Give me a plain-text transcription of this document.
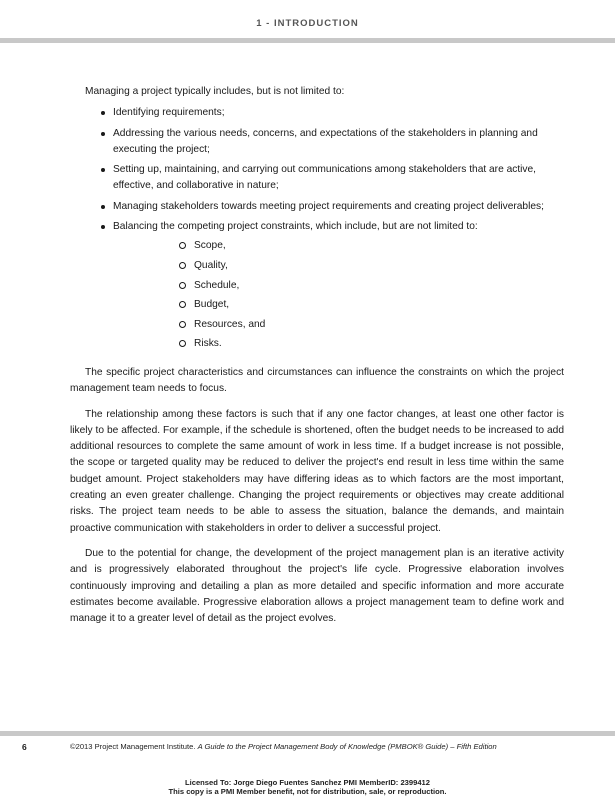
1 - INTRODUCTION

Managing a project typically includes, but is not limited to:

Identifying requirements;
Addressing the various needs, concerns, and expectations of the stakeholders in planning and executing the project;
Setting up, maintaining, and carrying out communications among stakeholders that are active, effective, and collaborative in nature;
Managing stakeholders towards meeting project requirements and creating project deliverables;
Balancing the competing project constraints, which include, but are not limited to:
Scope,
Quality,
Schedule,
Budget,
Resources, and
Risks.

The specific project characteristics and circumstances can influence the constraints on which the project management team needs to focus.

The relationship among these factors is such that if any one factor changes, at least one other factor is likely to be affected. For example, if the schedule is shortened, often the budget needs to be increased to add additional resources to complete the same amount of work in less time. If a budget increase is not possible, the scope or targeted quality may be reduced to deliver the project's end result in less time within the same budget amount. Project stakeholders may have differing ideas as to which factors are the most important, creating an even greater challenge. Changing the project requirements or objectives may create additional risks. The project team needs to be able to assess the situation, balance the demands, and maintain proactive communication with stakeholders in order to deliver a successful project.

Due to the potential for change, the development of the project management plan is an iterative activity and is progressively elaborated throughout the project's life cycle. Progressive elaboration involves continuously improving and detailing a plan as more detailed and specific information and more accurate estimates become available. Progressive elaboration allows a project management team to define work and manage it to a greater level of detail as the project evolves.

6	©2013 Project Management Institute. A Guide to the Project Management Body of Knowledge (PMBOK® Guide) – Fifth Edition
Licensed To: Jorge Diego Fuentes Sanchez PMI MemberID: 2399412
This copy is a PMI Member benefit, not for distribution, sale, or reproduction.
